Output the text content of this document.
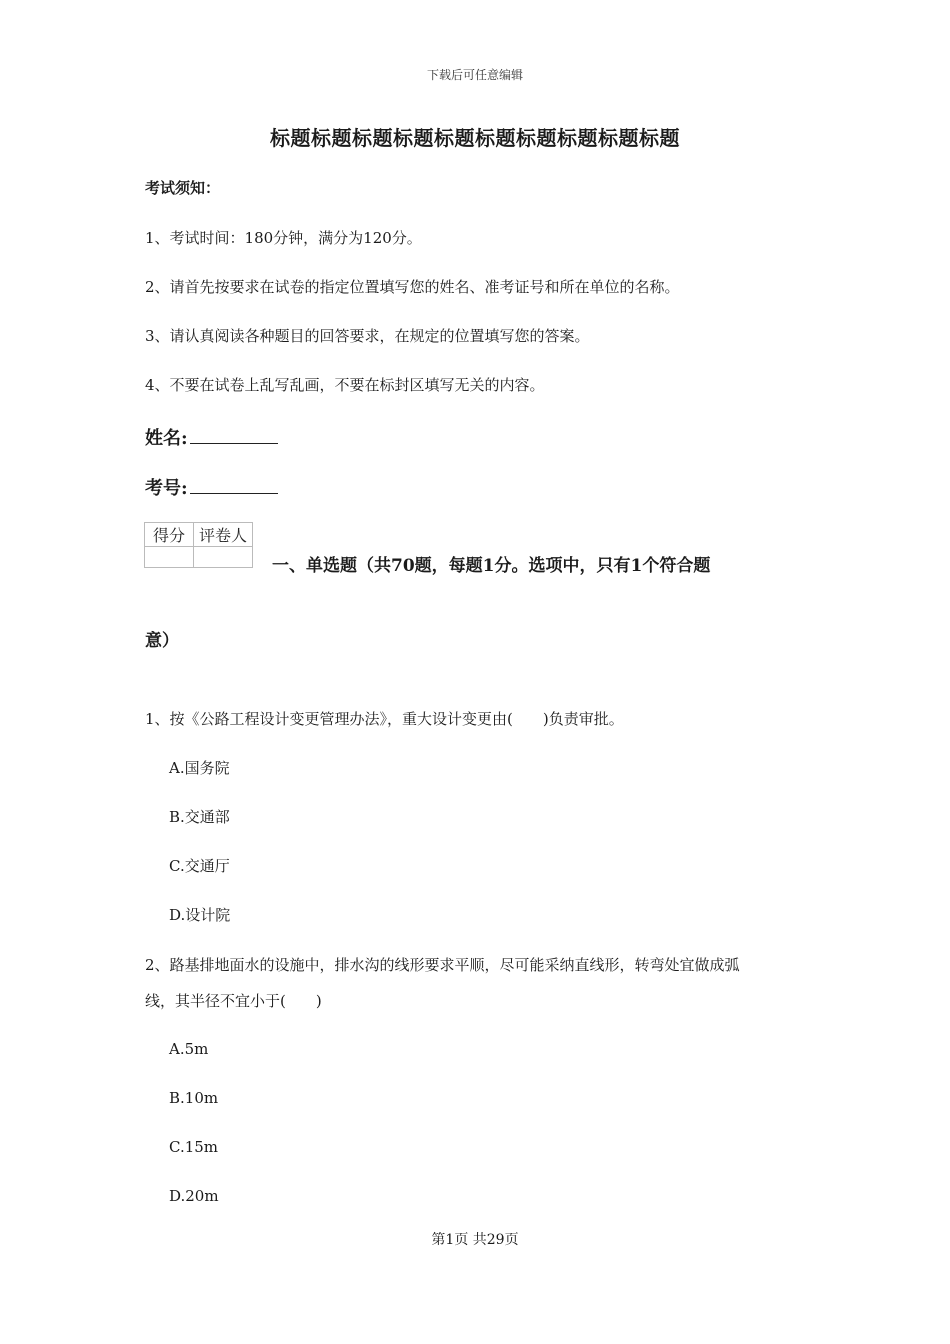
下载后可任意编辑
标题标题标题标题标题标题标题标题标题标题
考试须知：
1、考试时间：180分钟，满分为120分。
2、请首先按要求在试卷的指定位置填写您的姓名、准考证号和所在单位的名称。
3、请认真阅读各种题目的回答要求，在规定的位置填写您的答案。
4、不要在试卷上乱写乱画，不要在标封区填写无关的内容。
姓名:
考号:
得分	评卷人

一、单选题（共70题，每题1分。选项中，只有1个符合题
意）
1、按《公路工程设计变更管理办法》，重大设计变更由(　　)负责审批。
A.国务院
B.交通部
C.交通厅
D.设计院
2、路基排地面水的设施中，排水沟的线形要求平顺，尽可能采纳直线形，转弯处宜做成弧
线，其半径不宜小于(　　)
A.5m
B.10m
C.15m
D.20m
第1页 共29页
